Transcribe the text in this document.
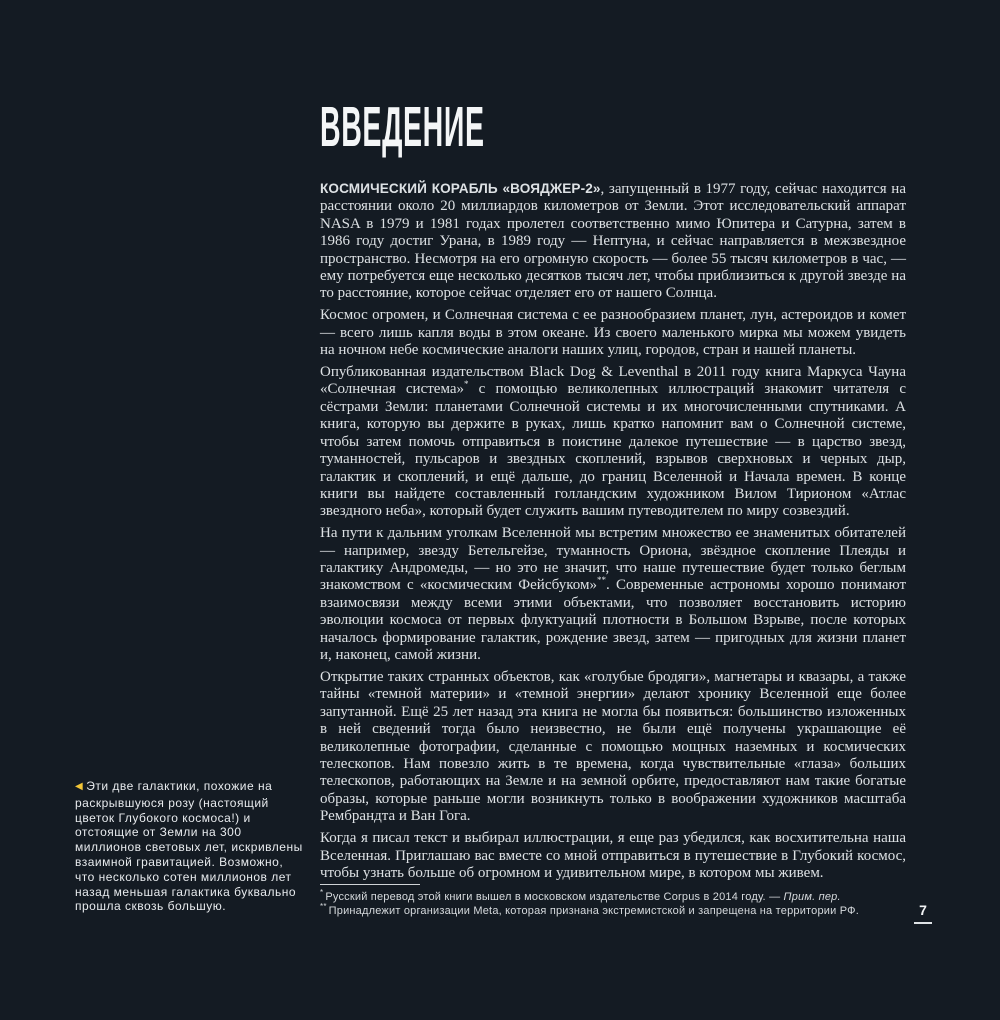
ВВЕДЕНИЕ

КОСМИЧЕСКИЙ КОРАБЛЬ «ВОЯДЖЕР-2», запущенный в 1977 году, сейчас находится на расстоянии около 20 миллиардов километров от Земли. Этот исследовательский аппарат NASA в 1979 и 1981 годах пролетел соответственно мимо Юпитера и Сатурна, затем в 1986 году достиг Урана, в 1989 году — Нептуна, и сейчас направляется в межзвездное пространство. Несмотря на его огромную скорость — более 55 тысяч километров в час, — ему потребуется еще несколько десятков тысяч лет, чтобы приблизиться к другой звезде на то расстояние, которое сейчас отделяет его от нашего Солнца.

Космос огромен, и Солнечная система с ее разнообразием планет, лун, астероидов и комет — всего лишь капля воды в этом океане. Из своего маленького мирка мы можем увидеть на ночном небе космические аналоги наших улиц, городов, стран и нашей планеты.

Опубликованная издательством Black Dog & Leventhal в 2011 году книга Маркуса Чауна «Солнечная система»* с помощью великолепных иллюстраций знакомит читателя с сёстрами Земли: планетами Солнечной системы и их многочисленными спутниками. А книга, которую вы держите в руках, лишь кратко напомнит вам о Солнечной системе, чтобы затем помочь отправиться в поистине далекое путешествие — в царство звезд, туманностей, пульсаров и звездных скоплений, взрывов сверхновых и черных дыр, галактик и скоплений, и ещё дальше, до границ Вселенной и Начала времен. В конце книги вы найдете составленный голландским художником Вилом Тирионом «Атлас звездного неба», который будет служить вашим путеводителем по миру созвездий.

На пути к дальним уголкам Вселенной мы встретим множество ее знаменитых обитателей — например, звезду Бетельгейзе, туманность Ориона, звёздное скопление Плеяды и галактику Андромеды, — но это не значит, что наше путешествие будет только беглым знакомством с «космическим Фейсбуком»**. Современные астрономы хорошо понимают взаимосвязи между всеми этими объектами, что позволяет восстановить историю эволюции космоса от первых флуктуаций плотности в Большом Взрыве, после которых началось формирование галактик, рождение звезд, затем — пригодных для жизни планет и, наконец, самой жизни.

Открытие таких странных объектов, как «голубые бродяги», магнетары и квазары, а также тайны «темной материи» и «темной энергии» делают хронику Вселенной еще более запутанной. Ещё 25 лет назад эта книга не могла бы появиться: большинство изложенных в ней сведений тогда было неизвестно, не были ещё получены украшающие её великолепные фотографии, сделанные с помощью мощных наземных и космических телескопов. Нам повезло жить в те времена, когда чувствительные «глаза» больших телескопов, работающих на Земле и на земной орбите, предоставляют нам такие богатые образы, которые раньше могли возникнуть только в воображении художников масштаба Рембрандта и Ван Гога.

Когда я писал текст и выбирал иллюстрации, я еще раз убедился, как восхитительна наша Вселенная. Приглашаю вас вместе со мной отправиться в путешествие в Глубокий космос, чтобы узнать больше об огромном и удивительном мире, в котором мы живем.

◀ Эти две галактики, похожие на раскрывшуюся розу (настоящий цветок Глубокого космоса!) и отстоящие от Земли на 300 миллионов световых лет, искривлены взаимной гравитацией. Возможно, что несколько сотен миллионов лет назад меньшая галактика буквально прошла сквозь большую.
* Русский перевод этой книги вышел в московском издательстве Corpus в 2014 году. — Прим. пер.
** Принадлежит организации Meta, которая признана экстремистской и запрещена на территории РФ.	7
